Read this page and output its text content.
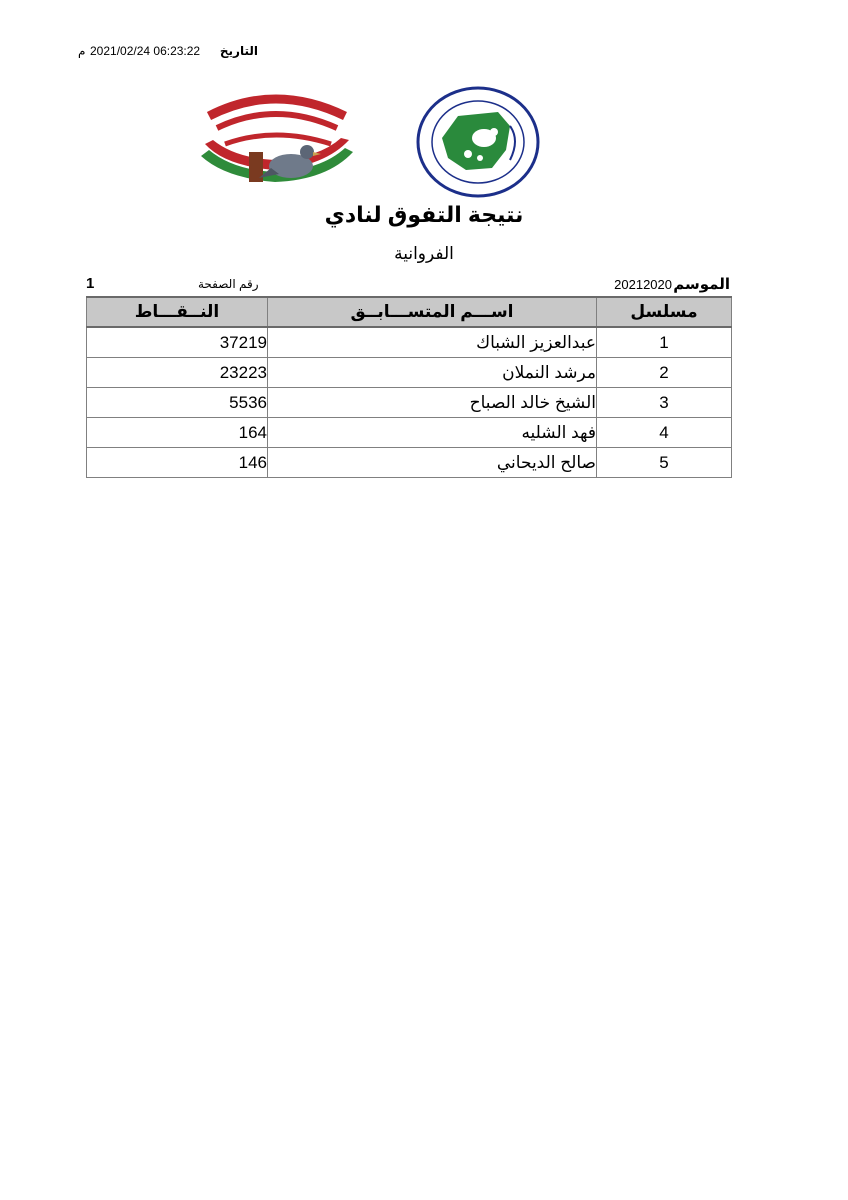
التاريخ
2021/02/24 06:23:22
م
نتيجة التفوق لنادي
الفروانية
الموسم
20212020
رقم الصفحة
1
مسلسل	اســـم المتســـابــق	النــقـــاط
1	عبدالعزيز الشباك	37219
2	مرشد النملان	23223
3	الشيخ خالد الصباح	5536
4	فهد الشليه	164
5	صالح الديحاني	146
